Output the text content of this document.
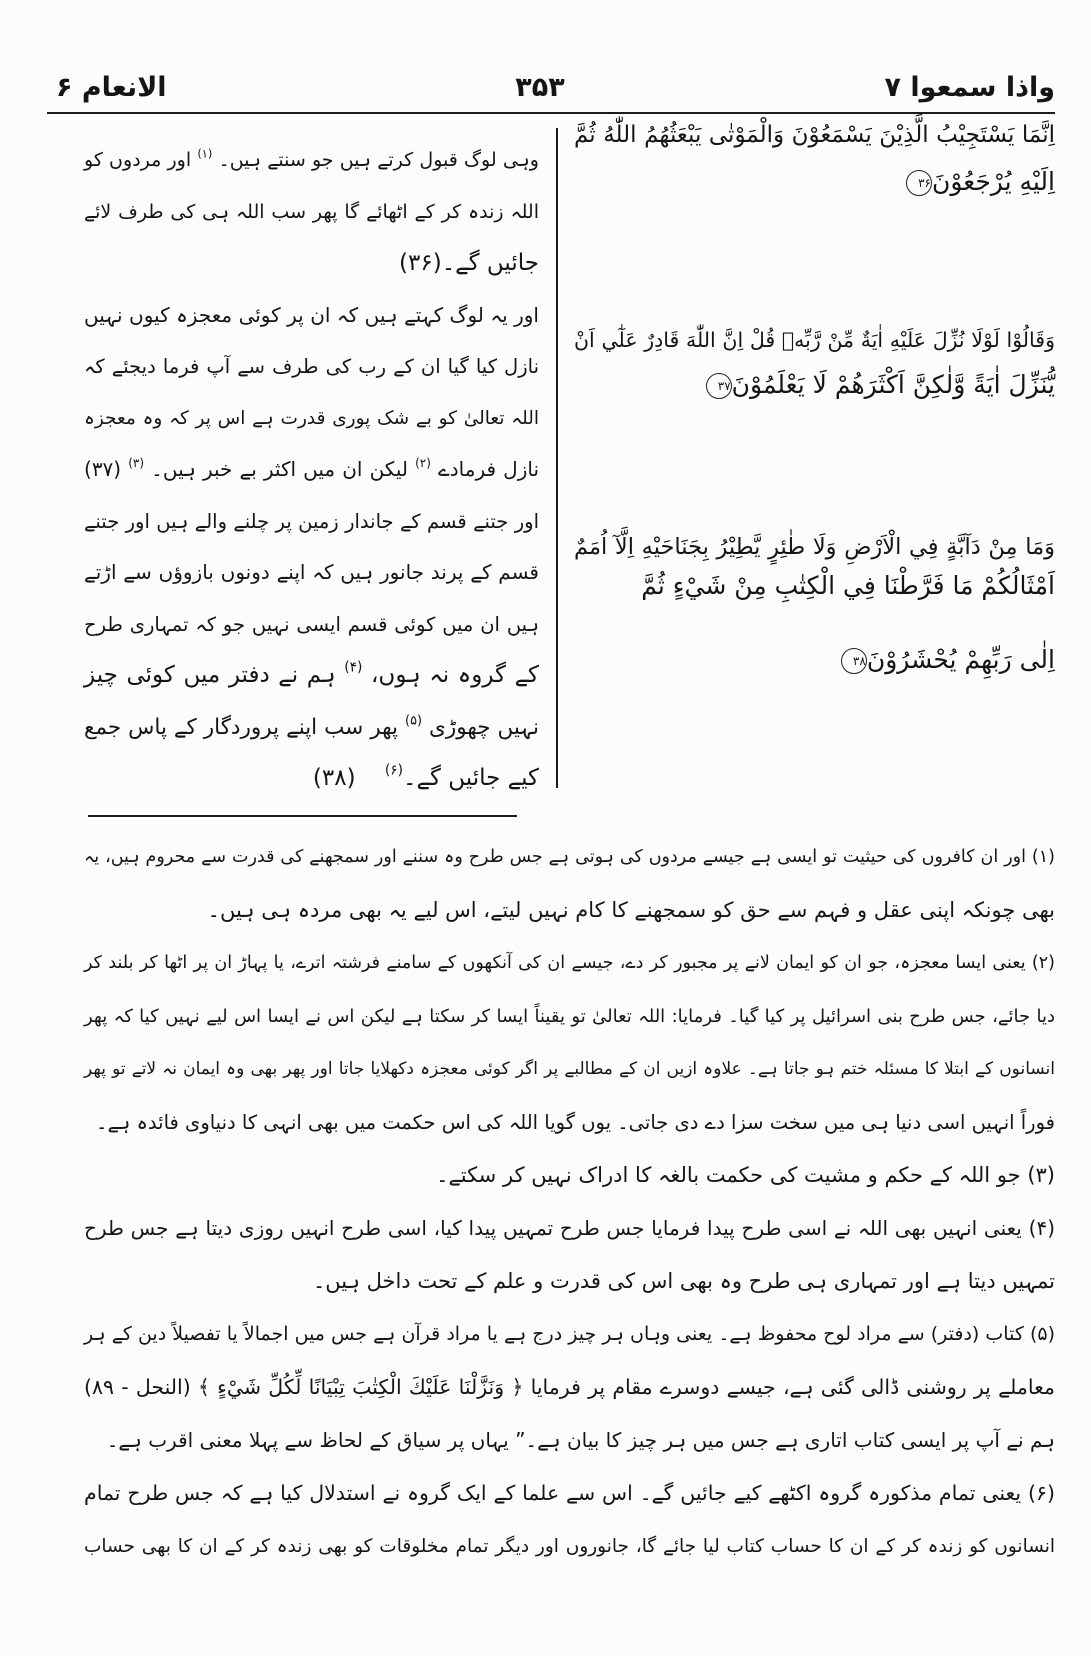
واذا سمعوا ۷
۳۵۳
الانعام ۶
اِنَّمَا يَسْتَجِيْبُ الَّذِيْنَ يَسْمَعُوْنَ وَالْمَوْتٰى يَبْعَثُهُمُ اللّٰهُ ثُمَّ
اِلَيْهِ يُرْجَعُوْنَ۳۶
وَقَالُوْا لَوْلَا نُزِّلَ عَلَيْهِ اٰيَةٌ مِّنْ رَّبِّهٖ قُلْ اِنَّ اللّٰهَ قَادِرٌ عَلٰٓي اَنْ
يُّنَزِّلَ اٰيَةً وَّلٰكِنَّ اَكْثَرَهُمْ لَا يَعْلَمُوْنَ۳۷
وَمَا مِنْ دَآبَّةٍ فِي الْاَرْضِ وَلَا طٰئِرٍ يَّطِيْرُ بِجَنَاحَيْهِ اِلَّآ اُمَمٌ
اَمْثَالُكُمْ مَا فَرَّطْنَا فِي الْكِتٰبِ مِنْ شَيْءٍ ثُمَّ
اِلٰى رَبِّهِمْ يُحْشَرُوْنَ۳۸
وہی لوگ قبول کرتے ہیں جو سنتے ہیں۔ $^{(۱)}$ اور مردوں کو
اللہ زندہ کر کے اٹھائے گا پھر سب اللہ ہی کی طرف لائے
جائیں گے۔(۳۶)
اور یہ لوگ کہتے ہیں کہ ان پر کوئی معجزہ کیوں نہیں
نازل کیا گیا ان کے رب کی طرف سے آپ فرما دیجئے کہ
اللہ تعالیٰ کو بے شک پوری قدرت ہے اس پر کہ وہ معجزہ
نازل فرمادے $^{(۲)}$ لیکن ان میں اکثر بے خبر ہیں۔ $^{(۳)}$ (۳۷)
اور جتنے قسم کے جاندار زمین پر چلنے والے ہیں اور جتنے
قسم کے پرند جانور ہیں کہ اپنے دونوں بازوؤں سے اڑتے
ہیں ان میں کوئی قسم ایسی نہیں جو کہ تمہاری طرح
کے گروہ نہ ہوں، $^{(۴)}$ ہم نے دفتر میں کوئی چیز
نہیں چھوڑی $^{(۵)}$ پھر سب اپنے پروردگار کے پاس جمع
کیے جائیں گے۔$^{(۶)}$    (۳۸)
(۱) اور ان کافروں کی حیثیت تو ایسی ہے جیسے مردوں کی ہوتی ہے جس طرح وہ سننے اور سمجھنے کی قدرت سے محروم ہیں، یہ
بھی چونکہ اپنی عقل و فہم سے حق کو سمجھنے کا کام نہیں لیتے، اس لیے یہ بھی مردہ ہی ہیں۔
(۲) یعنی ایسا معجزہ، جو ان کو ایمان لانے پر مجبور کر دے، جیسے ان کی آنکھوں کے سامنے فرشتہ اترے، یا پہاڑ ان پر اٹھا کر بلند کر
دیا جائے، جس طرح بنی اسرائیل پر کیا گیا۔ فرمایا: اللہ تعالیٰ تو یقیناً ایسا کر سکتا ہے لیکن اس نے ایسا اس لیے نہیں کیا کہ پھر
انسانوں کے ابتلا کا مسئلہ ختم ہو جاتا ہے۔ علاوہ ازیں ان کے مطالبے پر اگر کوئی معجزہ دکھلایا جاتا اور پھر بھی وہ ایمان نہ لاتے تو پھر
فوراً انہیں اسی دنیا ہی میں سخت سزا دے دی جاتی۔ یوں گویا اللہ کی اس حکمت میں بھی انہی کا دنیاوی فائدہ ہے۔
(۳) جو اللہ کے حکم و مشیت کی حکمت بالغہ کا ادراک نہیں کر سکتے۔
(۴) یعنی انہیں بھی اللہ نے اسی طرح پیدا فرمایا جس طرح تمہیں پیدا کیا، اسی طرح انہیں روزی دیتا ہے جس طرح
تمہیں دیتا ہے اور تمہاری ہی طرح وہ بھی اس کی قدرت و علم کے تحت داخل ہیں۔
(۵) کتاب (دفتر) سے مراد لوح محفوظ ہے۔ یعنی وہاں ہر چیز درج ہے یا مراد قرآن ہے جس میں اجمالاً یا تفصیلاً دین کے ہر
معاملے پر روشنی ڈالی گئی ہے، جیسے دوسرے مقام پر فرمایا ﴿ وَنَزَّلْنَا عَلَيْكَ الْكِتٰبَ تِبْيَانًا لِّكُلِّ شَيْءٍ ﴾ (النحل - ۸۹)
ہم نے آپ پر ایسی کتاب اتاری ہے جس میں ہر چیز کا بیان ہے۔” یہاں پر سیاق کے لحاظ سے پہلا معنی اقرب ہے۔
(۶) یعنی تمام مذکورہ گروہ اکٹھے کیے جائیں گے۔ اس سے علما کے ایک گروہ نے استدلال کیا ہے کہ جس طرح تمام
انسانوں کو زندہ کر کے ان کا حساب کتاب لیا جائے گا، جانوروں اور دیگر تمام مخلوقات کو بھی زندہ کر کے ان کا بھی حساب
